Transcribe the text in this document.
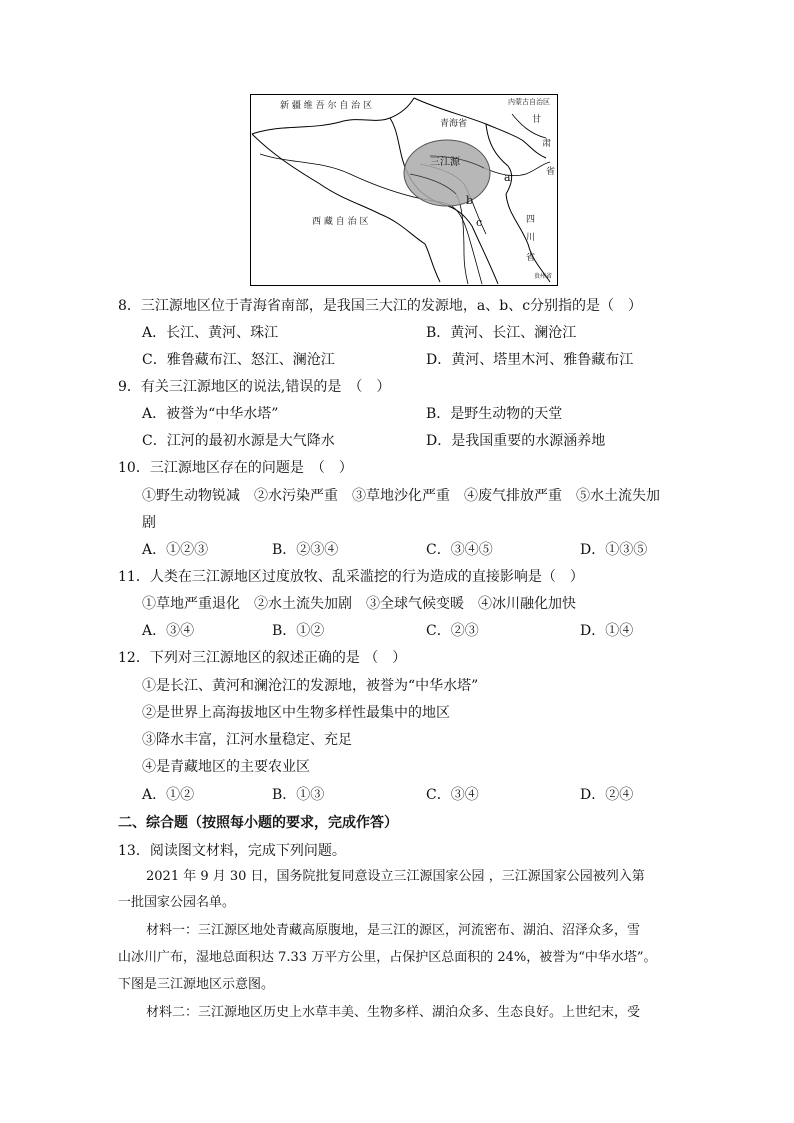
新 疆 维 吾 尔 自 治 区	内蒙古自治区
青海省	甘
肃
省
三江源
西 藏 自 治 区	四
川
省
贵州省
a
b
c
8．三江源地区位于青海省南部，是我国三大江的发源地，a、b、c分别指的是（　）
A．长江、黄河、珠江	B．黄河、长江、澜沧江
C．雅鲁藏布江、怒江、澜沧江	D．黄河、塔里木河、雅鲁藏布江
9．有关三江源地区的说法,错误的是　（　）
A．被誉为“中华水塔”	B．是野生动物的天堂
C．江河的最初水源是大气降水	D．是我国重要的水源涵养地
10．三江源地区存在的问题是　（　）
①野生动物锐减　②水污染严重　③草地沙化严重　④废气排放严重　⑤水土流失加
剧
A．①②③	B．②③④	C．③④⑤	D．①③⑤
11．人类在三江源地区过度放牧、乱采滥挖的行为造成的直接影响是（　）
①草地严重退化　②水土流失加剧　③全球气候变暖　④冰川融化加快
A．③④	B．①②	C．②③	D．①④
12．下列对三江源地区的叙述正确的是 （　）
①是长江、黄河和澜沧江的发源地，被誉为“中华水塔”
②是世界上高海拔地区中生物多样性最集中的地区
③降水丰富，江河水量稳定、充足
④是青藏地区的主要农业区
A．①②	B．①③	C．③④	D．②④
二、综合题（按照每小题的要求，完成作答）
13．阅读图文材料，完成下列问题。
2021 年 9 月 30 日，国务院批复同意设立三江源国家公园 ，三江源国家公园被列入第
一批国家公园名单。
材料一：三江源区地处青藏高原腹地，是三江的源区，河流密布、湖泊、沼泽众多，雪
山冰川广布，湿地总面积达 7.33 万平方公里，占保护区总面积的 24%，被誉为“中华水塔”。
下图是三江源地区示意图。
材料二：三江源地区历史上水草丰美、生物多样、湖泊众多、生态良好。上世纪末，受
